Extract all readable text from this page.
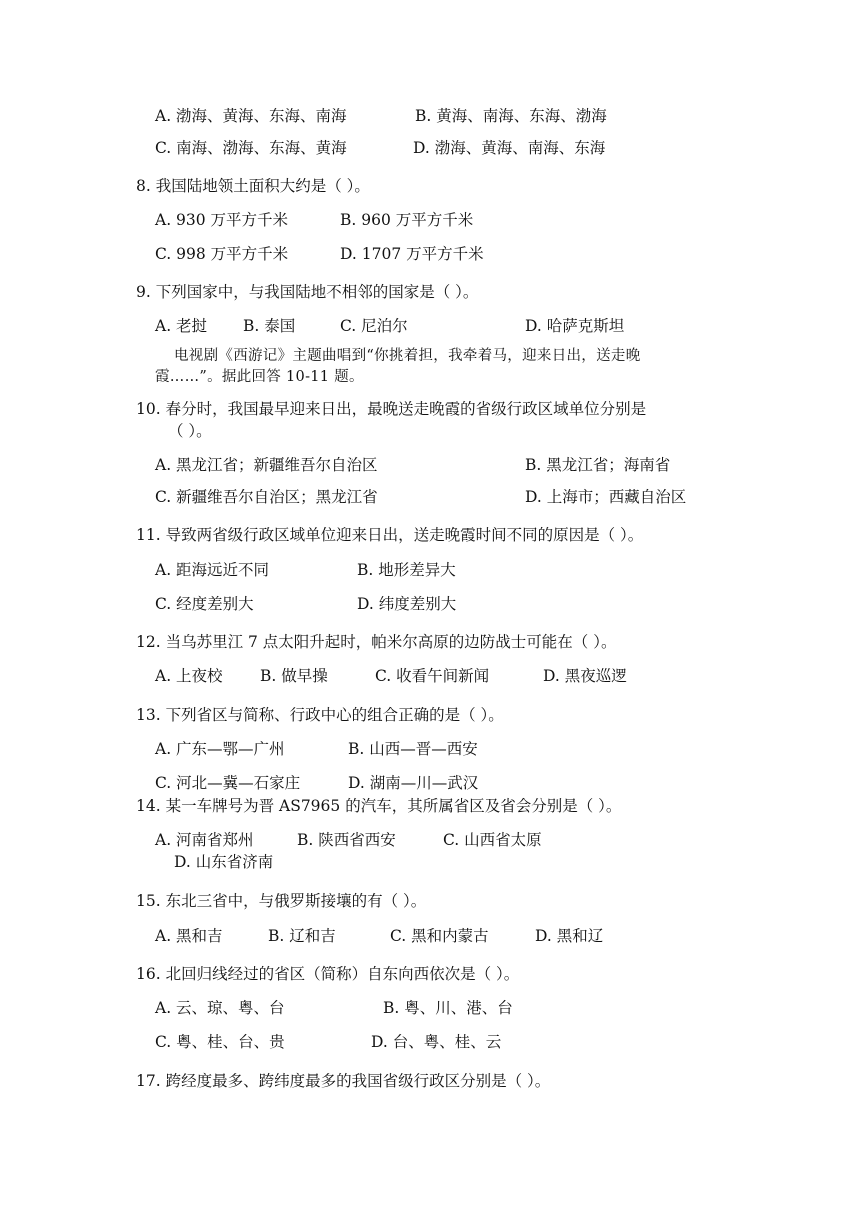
A. 渤海、黄海、东海、南海	B. 黄海、南海、东海、渤海
C. 南海、渤海、东海、黄海	D. 渤海、黄海、南海、东海
8. 我国陆地领土面积大约是（ ）。
A. 930 万平方千米	B. 960 万平方千米
C. 998 万平方千米	D. 1707 万平方千米
9. 下列国家中，与我国陆地不相邻的国家是（ ）。
A. 老挝 B. 泰国	C. 尼泊尔	D. 哈萨克斯坦
电视剧《西游记》主题曲唱到“你挑着担，我牵着马，迎来日出，送走晚
霞……”。据此回答 10-11 题。
10. 春分时，我国最早迎来日出，最晚送走晚霞的省级行政区域单位分别是
（ ）。
A. 黑龙江省；新疆维吾尔自治区	B. 黑龙江省；海南省
C. 新疆维吾尔自治区；黑龙江省	D. 上海市；西藏自治区
11. 导致两省级行政区域单位迎来日出，送走晚霞时间不同的原因是（ ）。
A. 距海远近不同	B. 地形差异大
C. 经度差别大	D. 纬度差别大
12. 当乌苏里江 7 点太阳升起时，帕米尔高原的边防战士可能在（ ）。
A. 上夜校 B. 做早操	C. 收看午间新闻	D. 黑夜巡逻
13. 下列省区与简称、行政中心的组合正确的是（ ）。
A. 广东—鄂—广州	B. 山西—晋—西安
C. 河北—冀—石家庄	D. 湖南—川—武汉
14. 某一车牌号为晋 AS7965 的汽车，其所属省区及省会分别是（ ）。
A. 河南省郑州	B. 陕西省西安	C. 山西省太原
D. 山东省济南
15. 东北三省中，与俄罗斯接壤的有（ ）。
A. 黑和吉	B. 辽和吉	C. 黑和内蒙古	D. 黑和辽
16. 北回归线经过的省区（简称）自东向西依次是（ ）。
A. 云、琼、粤、台	B. 粤、川、港、台
C. 粤、桂、台、贵	D. 台、粤、桂、云
17. 跨经度最多、跨纬度最多的我国省级行政区分别是（ ）。
